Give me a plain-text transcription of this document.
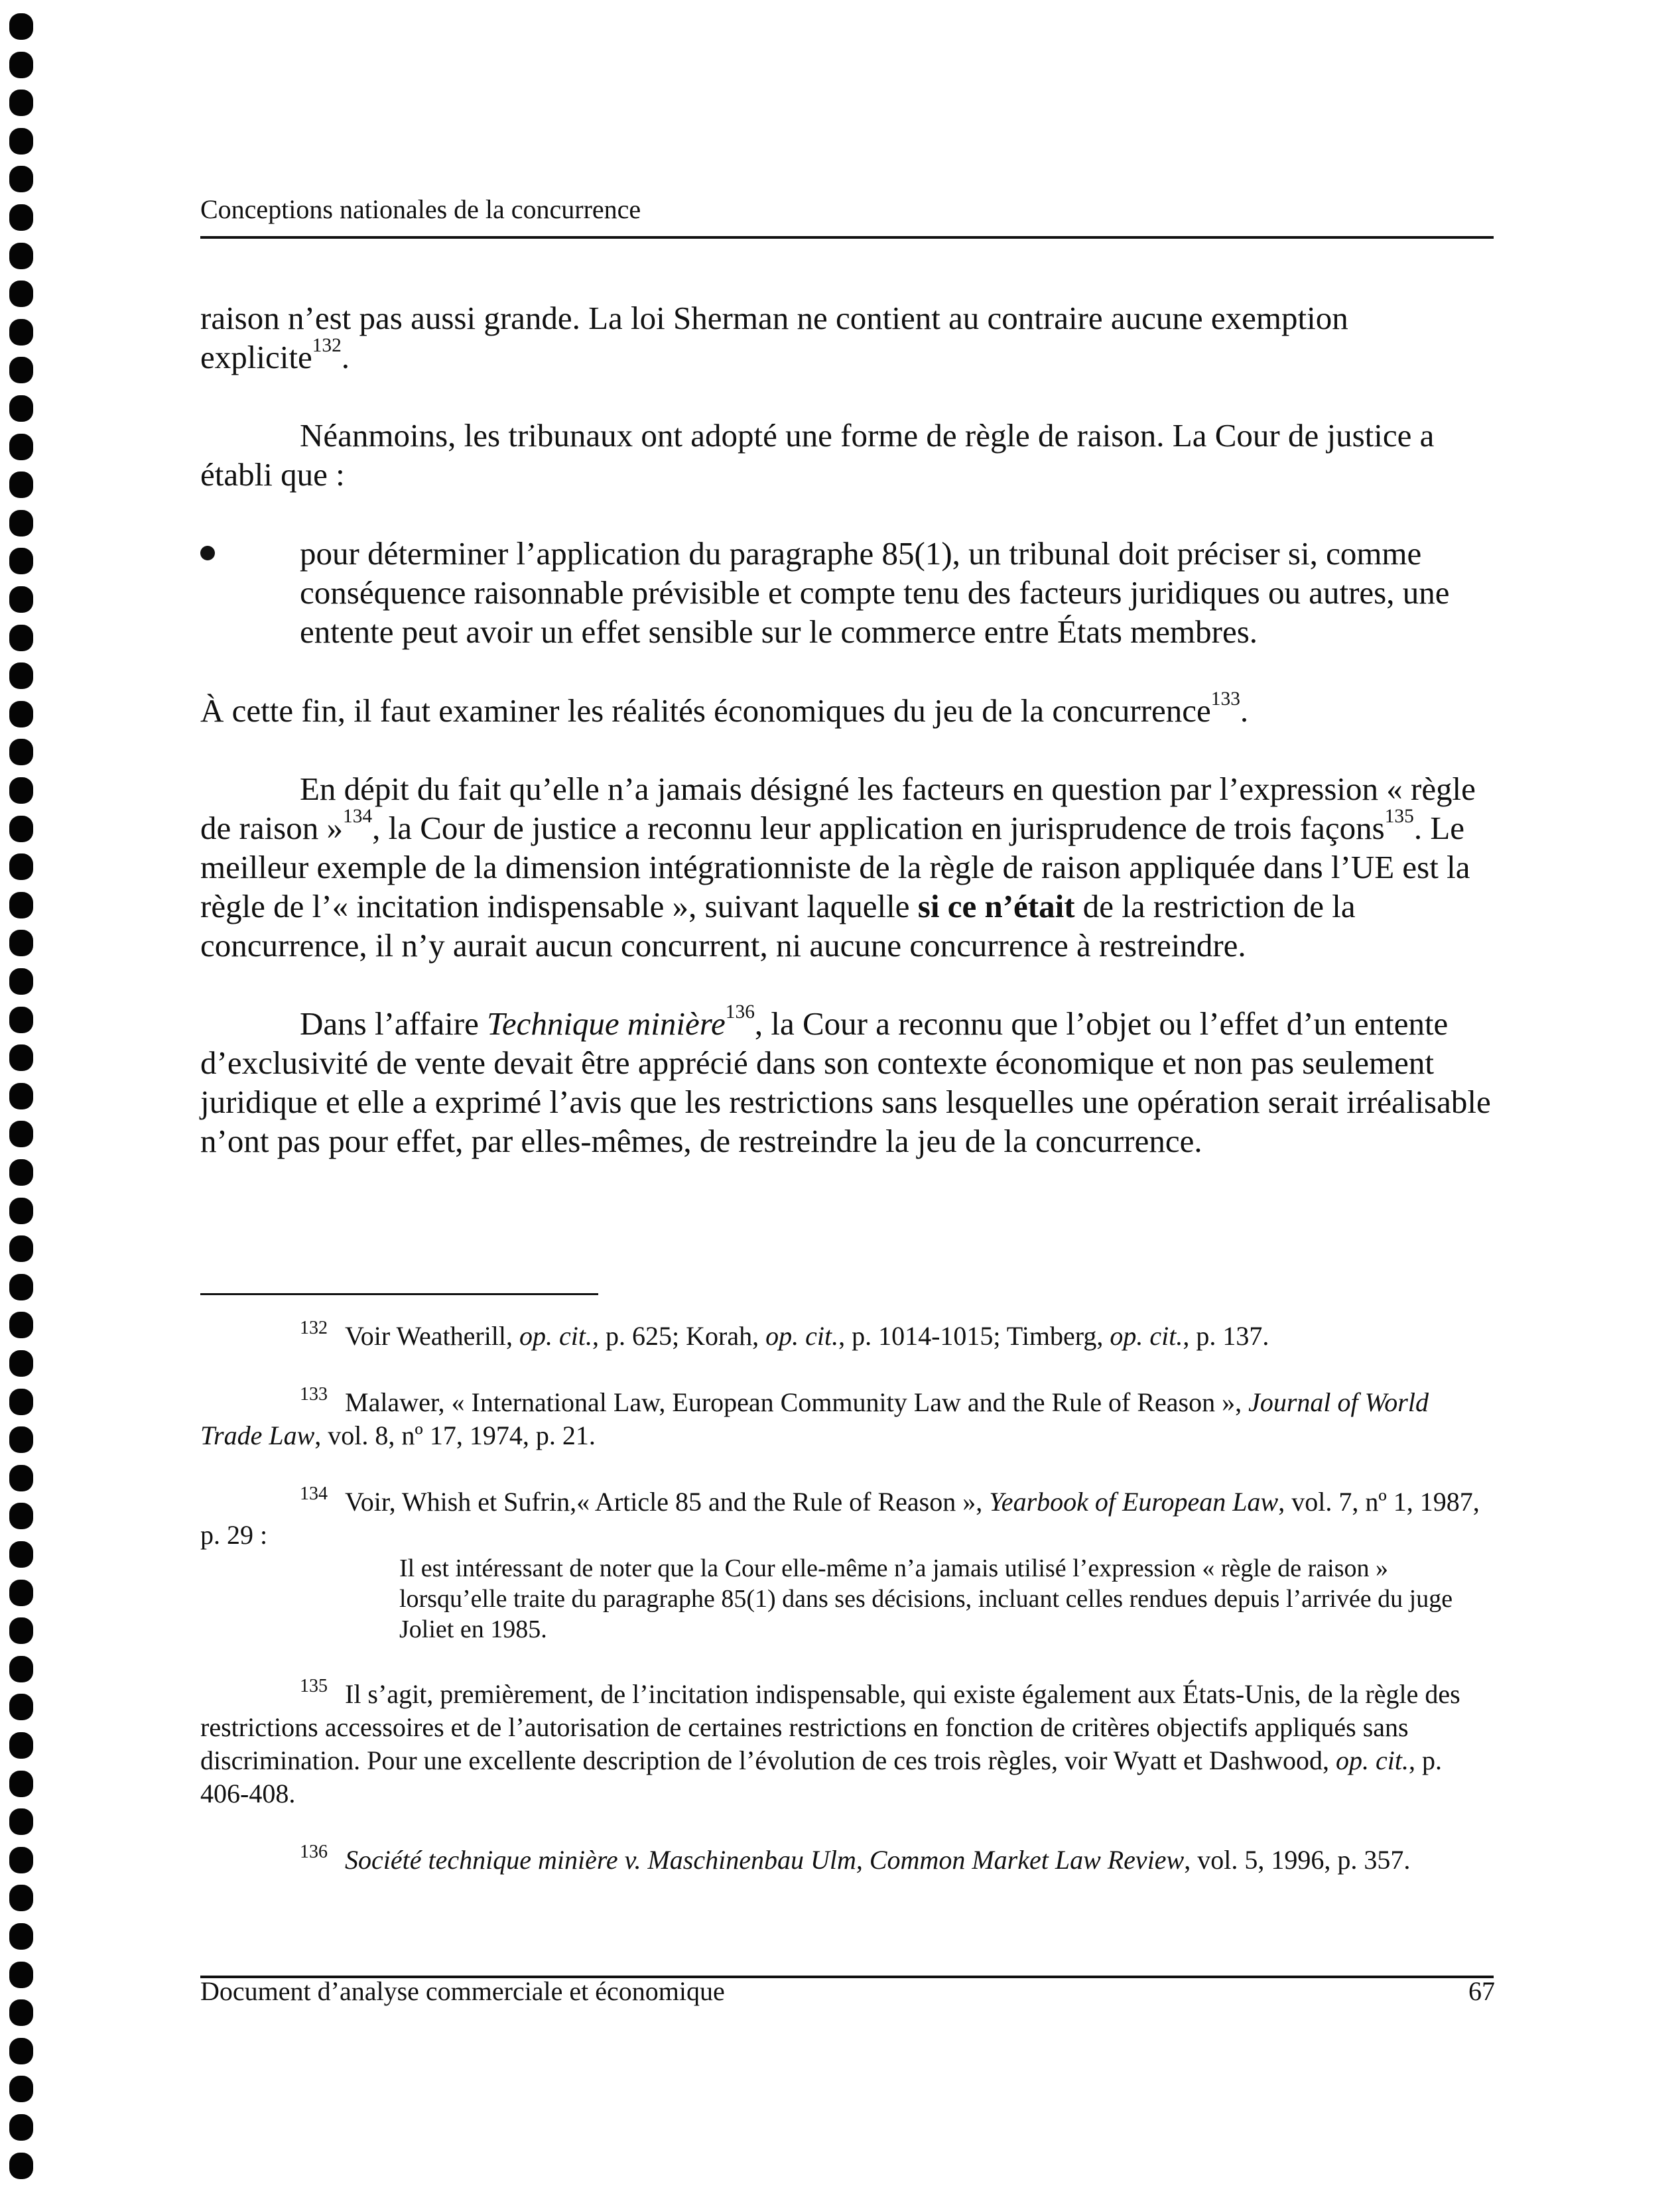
Conceptions nationales de la concurrence

raison n’est pas aussi grande. La loi Sherman ne contient au contraire aucune exemption explicite$^{132}$.

Néanmoins, les tribunaux ont adopté une forme de règle de raison. La Cour de justice a établi que :

pour déterminer l’application du paragraphe 85(1), un tribunal doit préciser si, comme conséquence raisonnable prévisible et compte tenu des facteurs juridiques ou autres, une entente peut avoir un effet sensible sur le commerce entre États membres.

À cette fin, il faut examiner les réalités économiques du jeu de la concurrence$^{133}$.

En dépit du fait qu’elle n’a jamais désigné les facteurs en question par l’expression « règle de raison »$^{134}$, la Cour de justice a reconnu leur application en jurisprudence de trois façons$^{135}$. Le meilleur exemple de la dimension intégrationniste de la règle de raison appliquée dans l’UE est la règle de l’« incitation indispensable », suivant laquelle si ce n’était de la restriction de la concurrence, il n’y aurait aucun concurrent, ni aucune concurrence à restreindre.

Dans l’affaire Technique minière$^{136}$, la Cour a reconnu que l’objet ou l’effet d’un entente d’exclusivité de vente devait être apprécié dans son contexte économique et non pas seulement juridique et elle a exprimé l’avis que les restrictions sans lesquelles une opération serait irréalisable n’ont pas pour effet, par elles-mêmes, de restreindre la jeu de la concurrence.

$^{132}$ Voir Weatherill, op. cit., p. 625; Korah, op. cit., p. 1014-1015; Timberg, op. cit., p. 137.

$^{133}$ Malawer, « International Law, European Community Law and the Rule of Reason », Journal of World Trade Law, vol. 8, nº 17, 1974, p. 21.

$^{134}$ Voir, Whish et Sufrin,« Article 85 and the Rule of Reason », Yearbook of European Law, vol. 7, nº 1, 1987, p. 29 :

Il est intéressant de noter que la Cour elle-même n’a jamais utilisé l’expression « règle de raison » lorsqu’elle traite du paragraphe 85(1) dans ses décisions, incluant celles rendues depuis l’arrivée du juge Joliet en 1985.

$^{135}$ Il s’agit, premièrement, de l’incitation indispensable, qui existe également aux États-Unis, de la règle des restrictions accessoires et de l’autorisation de certaines restrictions en fonction de critères objectifs appliqués sans discrimination. Pour une excellente description de l’évolution de ces trois règles, voir Wyatt et Dashwood, op. cit., p. 406-408.

$^{136}$ Société technique minière v. Maschinenbau Ulm, Common Market Law Review, vol. 5, 1996, p. 357.

Document d’analyse commerciale et économique	67
